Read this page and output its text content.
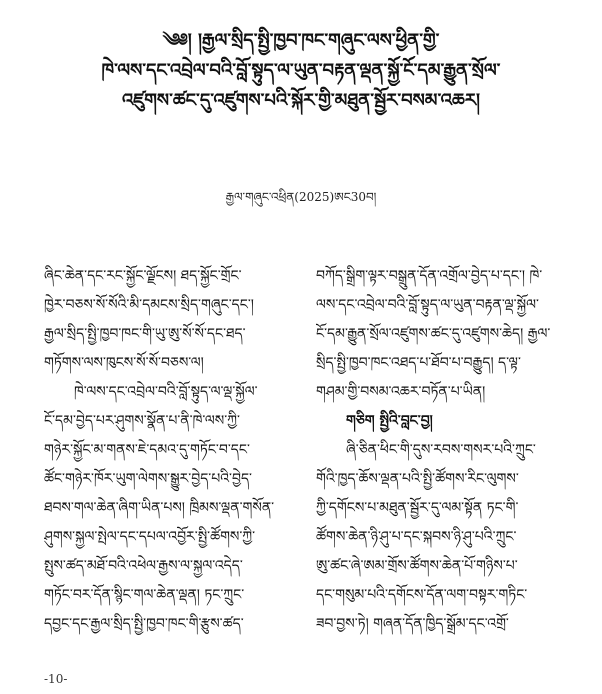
༄༅། །རྒྱལ་སྲིད་སྤྱི་ཁྱབ་ཁང་གཞུང་ལས་ཕྱིན་གྱི་
ཁེ་ལས་དང་འབྲེལ་བའི་བློ་སྟུད་ལ་ཡུན་བརྟན་ལྡན་སྐྱོ་ངོ་དམ་རྒྱུན་སྲོལ་
འཛུགས་ཚང་དུ་འཛུགས་པའི་སྐོར་གྱི་མཐུན་སྦྱོར་བསམ་འཆར།
རྒྱལ་གཞུང་འཕྲིན(2025)ཨང30བ།

ཞིང་ཆེན་དང་རང་སྐྱོང་ལྗོངས། ཐད་སྐྱོང་གྲོང་

ཁྱེར་བཅས་སོ་སོའི་མི་དམངས་སྲིད་གཞུང་དང་།

རྒྱལ་སྲིད་སྤྱི་ཁྱབ་ཁང་གི་ཡུ་ཨུ་སོ་སོ་དང་ཐད་

གཏོགས་ལས་ཁུངས་སོ་སོ་བཅས་ལ།

ཁེ་ལས་དང་འབྲེལ་བའི་བློ་སྟུད་ལ་ལྡ་སྐྱོལ་

ངོ་དམ་བྱེད་པར་ཤུགས་སྣོན་པ་ནི་ཁེ་ལས་ཀྱི་

གཉེར་སྐྱོང་མ་གནས་ཇེ་དམའ་དུ་གཏོང་བ་དང་

ཚོང་གཉེར་ཁོར་ཡུག་ལེགས་སྒྱུར་བྱེད་པའི་བྱེད་

ཐབས་གལ་ཆེན་ཞིག་ཡིན་པས། ཁྲིམས་ལྡན་གསོན་

ཤུགས་སྐྱལ་སྤེལ་དང་དཔལ་འབྱོར་སྤྱི་ཚོགས་ཀྱི་

སྤུས་ཚད་མཐོ་བའི་འཕེལ་རྒྱས་ལ་སྐྱལ་འདེད་

གཏོང་བར་དོན་སྙིང་གལ་ཆེན་ལྡན། ཏང་ཀྲུང་

དབྱང་དང་རྒྱལ་སྲིད་སྤྱི་ཁྱབ་ཁང་གི་རྩུས་ཚད་

བཀོད་སྒྲིག་ལྟར་བསྒྲུན་དོན་འགྲོལ་བྱེད་པ་དང་། ཁེ་

ལས་དང་འབྲེལ་བའི་བློ་སྟུད་ལ་ཡུན་བརྟན་ལྡ་སྐྱོལ་

ངོ་དམ་རྒྱུན་སྲོལ་འཛུགས་ཚང་དུ་འཛུགས་ཆེད། རྒྱལ་

སྲིད་སྤྱི་ཁྱབ་ཁང་འཐད་པ་ཐོབ་པ་བརྒྱུད། ད་ལྟ་

གཤམ་གྱི་བསམ་འཆར་བཏོན་པ་ཡིན།

གཅིག སྤྱིའི་བླང་བྱ།

ཞི་ཅིན་ཕིང་གི་དུས་རབས་གསར་པའི་ཀྲུང་

གོའི་ཁྱད་ཆོས་ལྡན་པའི་སྤྱི་ཚོགས་རིང་ལུགས་

ཀྱི་དགོངས་པ་མཐུན་སྦྱོར་དུ་ལམ་སྟོན ཏང་གི་

ཚོགས་ཆེན་ཉི་ཤུ་པ་དང་སྐབས་ཉི་ཤུ་པའི་ཀྲུང་

ཨུ་ཚང་ཞེ་ཨམ་གྲོས་ཚོགས་ཆེན་པོ་གཉིས་པ་

དང་གསུམ་པའི་དགོངས་དོན་ལག་བསྟར་གཏིང་

ཟབ་བྱས་ཏེ། གཞན་དོན་ཁྱིད་སྒྲོམ་དང་འགྲོ་

-10-
